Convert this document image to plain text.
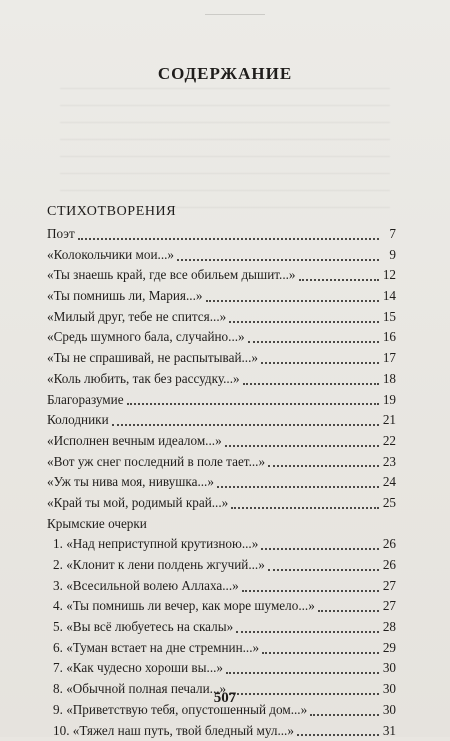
СОДЕРЖАНИЕ
СТИХОТВОРЕНИЯ
Поэт	7
«Колокольчики мои...»	9
«Ты знаешь край, где все обильем дышит...»	12
«Ты помнишь ли, Мария...»	14
«Милый друг, тебе не спится...»	15
«Средь шумного бала, случайно...»	16
«Ты не спрашивай, не распытывай...»	17
«Коль любить, так без рассудку...»	18
Благоразумие	19
Колодники	21
«Исполнен вечным идеалом...»	22
«Вот уж снег последний в поле тает...»	23
«Уж ты нива моя, нивушка...»	24
«Край ты мой, родимый край...»	25
Крымские очерки
1. «Над неприступной крутизною...»	26
2. «Клонит к лени полдень жгучий...»	26
3. «Всесильной волею Аллаха...»	27
4. «Ты помнишь ли вечер, как море шумело...»	27
5. «Вы всё любуетесь на скалы»	28
6. «Туман встает на дне стремнин...»	29
7. «Как чудесно хороши вы...»	30
8. «Обычной полная печали...»	30
9. «Приветствую тебя, опустошенный дом...»	30
10. «Тяжел наш путь, твой бледный мул...»	31
507
